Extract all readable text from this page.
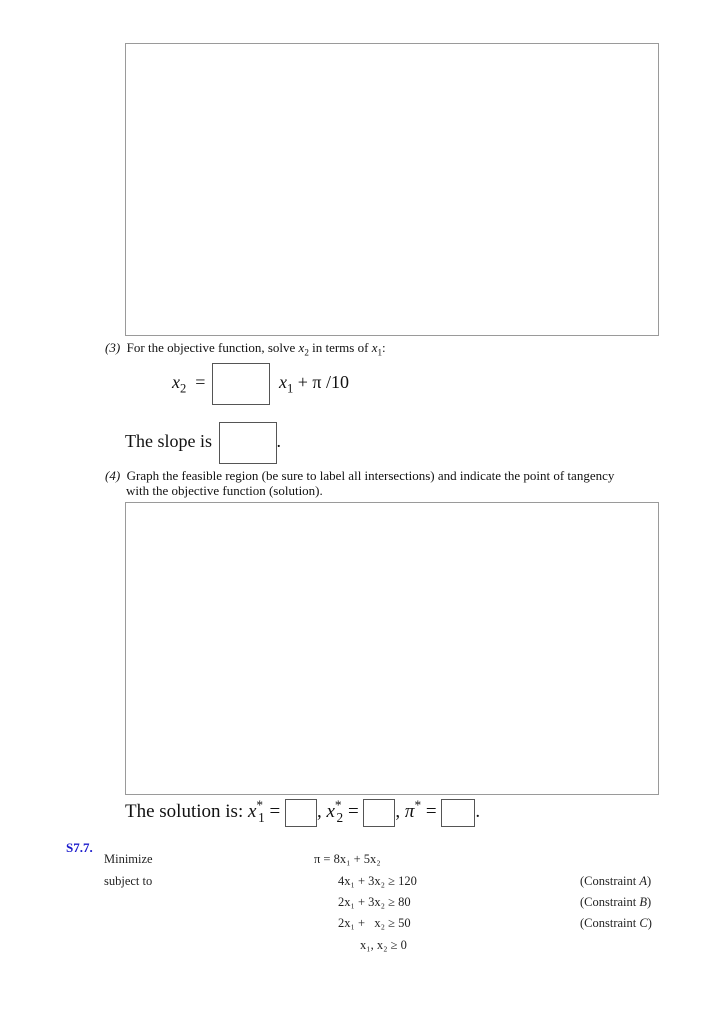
(3) For the objective function, solve $x_2$ in terms of $x_1$:
$x_2$ =	$x_1 + \pi$ /10
The slope is	.
(4) Graph the feasible region (be sure to label all intersections) and indicate the point of tangency
with the objective function (solution).
The solution is: $x^*_1$ = , $x^*_2$ = , π* = .
S7.7.
Minimize	π = 8x₁ + 5x₂
subject to	4x₁ + 3x₂ ≥ 120	(Constraint A)
2x₁ + 3x₂ ≥ 80	(Constraint B)
2x₁ +   x₂ ≥ 50	(Constraint C)
x₁, x₂ ≥ 0
